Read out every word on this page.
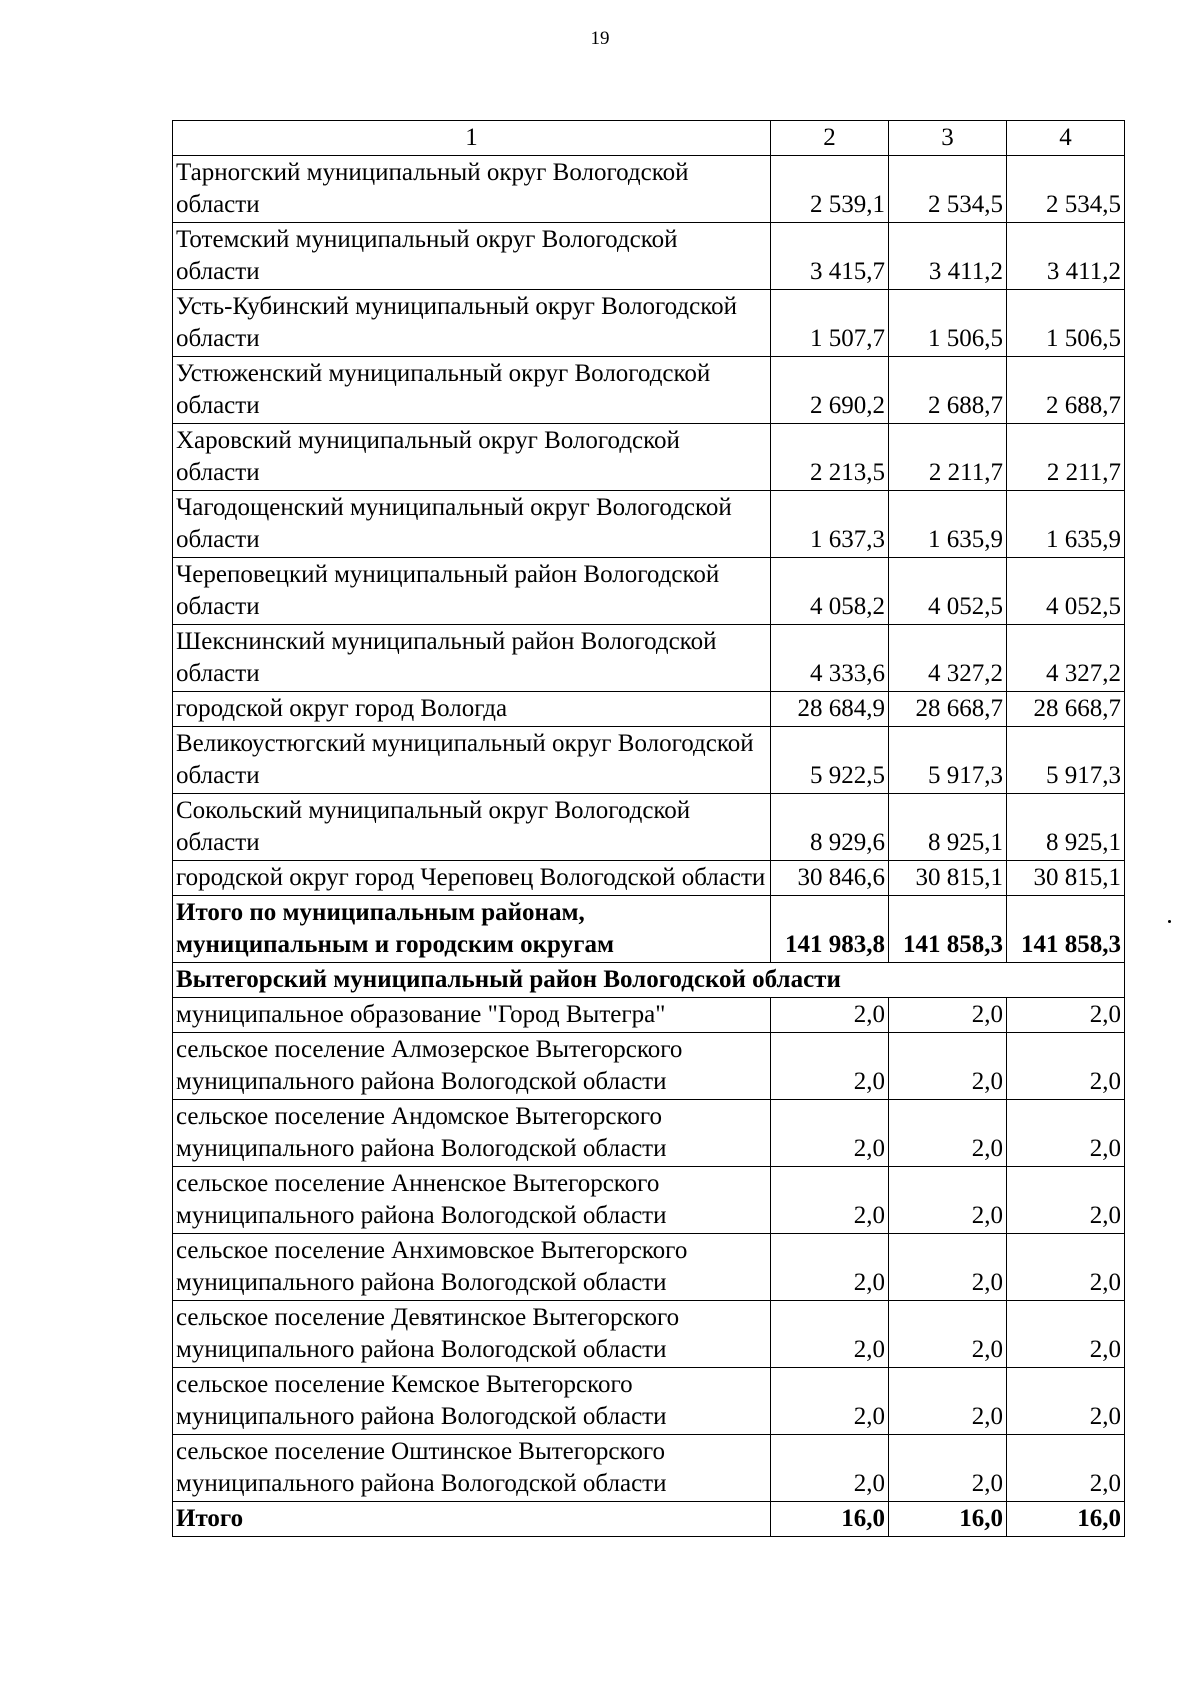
19
1	2	3	4
Тарногский муниципальный округ Вологодской области	2 539,1	2 534,5	2 534,5
Тотемский муниципальный округ Вологодской области	3 415,7	3 411,2	3 411,2
Усть-Кубинский муниципальный округ Вологодской области	1 507,7	1 506,5	1 506,5
Устюженский муниципальный округ Вологодской области	2 690,2	2 688,7	2 688,7
Харовский муниципальный округ Вологодской области	2 213,5	2 211,7	2 211,7
Чагодощенский муниципальный округ Вологодской области	1 637,3	1 635,9	1 635,9
Череповецкий муниципальный район Вологодской области	4 058,2	4 052,5	4 052,5
Шекснинский муниципальный район Вологодской области	4 333,6	4 327,2	4 327,2
городской округ город Вологда	28 684,9	28 668,7	28 668,7
Великоустюгский муниципальный округ Вологодской области	5 922,5	5 917,3	5 917,3
Сокольский муниципальный округ Вологодской области	8 929,6	8 925,1	8 925,1
городской округ город Череповец Вологодской области	30 846,6	30 815,1	30 815,1
Итого по муниципальным районам, муниципальным и городским округам	141 983,8	141 858,3	141 858,3
Вытегорский муниципальный район Вологодской области			
муниципальное образование "Город Вытегра"	2,0	2,0	2,0
сельское поселение Алмозерское Вытегорского муниципального района Вологодской области	2,0	2,0	2,0
сельское поселение Андомское Вытегорского муниципального района Вологодской области	2,0	2,0	2,0
сельское поселение Анненское Вытегорского муниципального района Вологодской области	2,0	2,0	2,0
сельское поселение Анхимовское Вытегорского муниципального района Вологодской области	2,0	2,0	2,0
сельское поселение Девятинское Вытегорского муниципального района Вологодской области	2,0	2,0	2,0
сельское поселение Кемское Вытегорского муниципального района Вологодской области	2,0	2,0	2,0
сельское поселение Оштинское Вытегорского муниципального района Вологодской области	2,0	2,0	2,0
Итого	16,0	16,0	16,0
